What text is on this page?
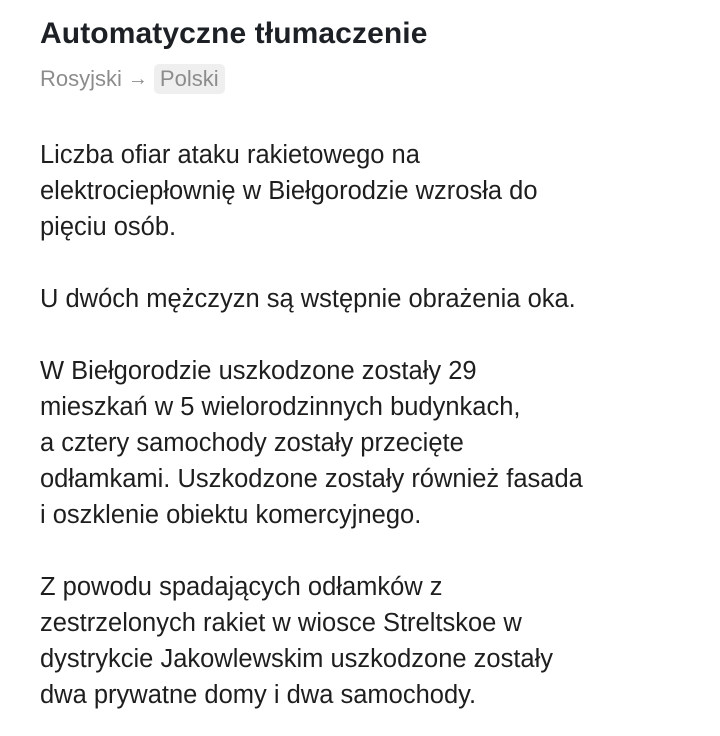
Automatyczne tłumaczenie
Rosyjski → Polski

Liczba ofiar ataku rakietowego na
elektrociepłownię w Biełgorodzie wzrosła do
pięciu osób.

U dwóch mężczyzn są wstępnie obrażenia oka.

W Biełgorodzie uszkodzone zostały 29
mieszkań w 5 wielorodzinnych budynkach,
a cztery samochody zostały przecięte
odłamkami. Uszkodzone zostały również fasada
i oszklenie obiektu komercyjnego.

Z powodu spadających odłamków z
zestrzelonych rakiet w wiosce Streltskoe w
dystrykcie Jakowlewskim uszkodzone zostały
dwa prywatne domy i dwa samochody.
